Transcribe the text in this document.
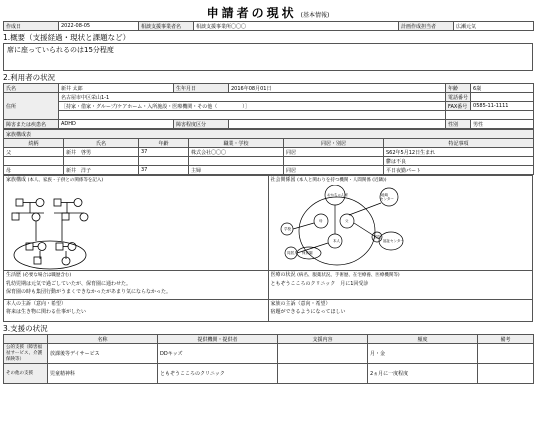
申請者の現状 (基本情報)
作成日	2022-08-05	相談支援事業者名	相談支援事業所〇〇〇	計画作成担当者	広瀬元気
1.概要（支援経過・現状と課題など）
席に座っていられるのは15分程度
2.利用者の状況
氏名	新井 太郎	生年月日	2016年08月01日	年齢	6歳
住所	名古屋市中区栄山1-1			電話番号	
	［持家・借家・グループ/ケアホーム・入所施設・医療機関・その他（　　　　　）］			FAX番号	0585-11-1111

障害または疾患名	ADHD	障害程度区分		性別	男性
家族構成表					
続柄	氏名	年齢	職業・学校	同居・別居	特記事項
父	新井　啓男	37	株式会社〇〇〇	同居	S62年5月12日生まれ
					鬱は不良
母	新井　洋子	37	主婦	同居	平日夜勤パート
家族構成 (本人、家族・子供との関係等を記入)	社会関係図 (本人と関わりを持つ機関・人間関係 (近隣))
おかちゃん家	地域
センター
母	父
本人
学校
同居人
福祉センター
医院
保育園
生活歴 (必要な場合は職歴含む)
乳幼児期は元気で過ごしていたが、保育園に通わせた。
保育園の時も集団行動がうまくできなかったがあまり気にならなかった。
医療の状況 (病名、服薬状況、手術歴、在宅療養、医療機関等)
ともぞうこころのクリニック　月に1回受診
本人の主訴（意向・希望）
将来は生き物に関わる仕事がしたい
家族の主訴（意向・希望）
宿題ができるようになってほしい
3.支援の状況
	名称	提供機関・提供者	支援内容	頻度	備考
公的支援（障害福祉サービス、介護保険等）	放課後等デイサービス	DDキッズ		月・金	
その他の支援	児童精神科	ともぞうこころのクリニック		2ヵ月に一度程度	
